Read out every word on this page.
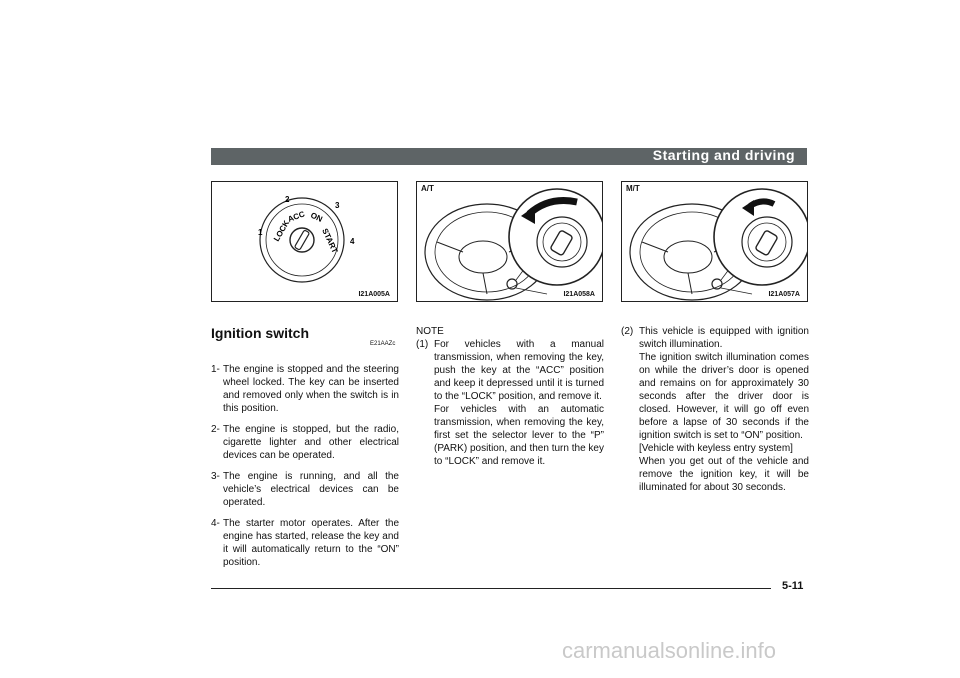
Starting and driving
LOCK
ACC ON
START
1
2
3
4
I21A005A
A/T
I21A058A
M/T
I21A057A
Ignition switch
E21AAZc
1- The engine is stopped and the steering wheel locked. The key can be inserted and removed only when the switch is in this position.
2- The engine is stopped, but the radio, cigarette lighter and other electrical devices can be operated.
3- The engine is running, and all the vehicle’s electrical devices can be operated.
4- The starter motor operates. After the engine has started, release the key and it will automatically return to the “ON” position.
NOTE
(1) For vehicles with a manual transmission, when removing the key, push the key at the “ACC” position and keep it depressed until it is turned to the “LOCK” position, and remove it.

For vehicles with an automatic transmission, when removing the key, first set the selector lever to the “P” (PARK) position, and then turn the key to “LOCK” and remove it.

(2) This vehicle is equipped with ignition switch illumination.

The ignition switch illumination comes on while the driver’s door is opened and remains on for approximately 30 seconds after the driver door is closed. However, it will go off even before a lapse of 30 seconds if the ignition switch is set to “ON” position.

[Vehicle with keyless entry system]

When you get out of the vehicle and remove the ignition key, it will be illuminated for about 30 seconds.

5-11
carmanualsonline.info
